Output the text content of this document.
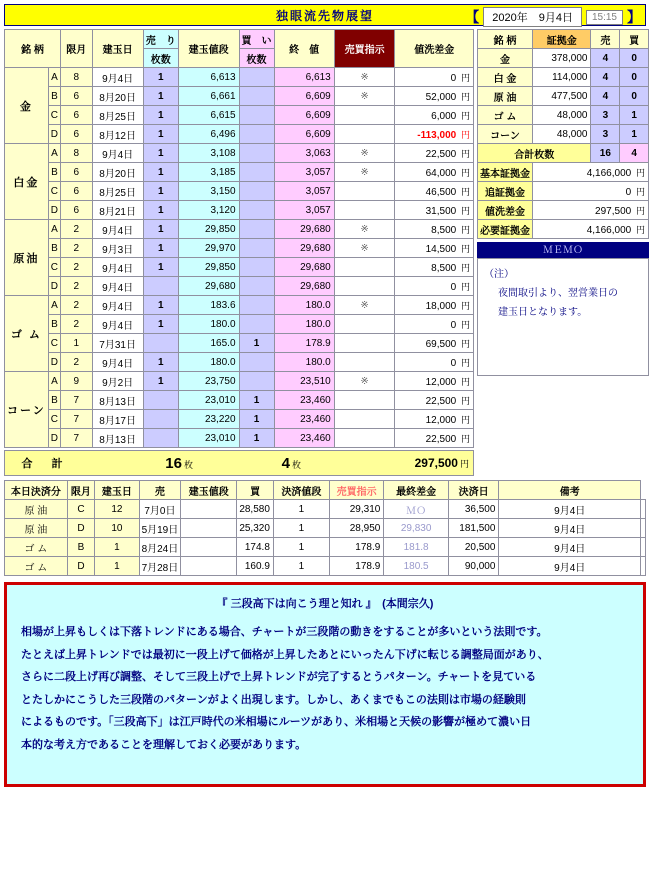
独眼流先物展望	【	2020年　9月4日	15:15 】
銘 柄		限月	建玉日	売　り	建玉値段	買　い	終　値	売買指示	値洗差金
				枚数		枚数			
金	A	8	9月4日	1	6,613		6,613	※	0 円
	B	6	8月20日	1	6,661		6,609	※	52,000 円
	C	6	8月25日	1	6,615		6,609		6,000 円
	D	6	8月12日	1	6,496		6,609		-113,000 円
白金	A	8	9月4日	1	3,108		3,063	※	22,500 円
	B	6	8月20日	1	3,185		3,057	※	64,000 円
	C	6	8月25日	1	3,150		3,057		46,500 円
	D	6	8月21日	1	3,120		3,057		31,500 円
原油	A	2	9月4日	1	29,850		29,680	※	8,500 円
	B	2	9月3日	1	29,970		29,680	※	14,500 円
	C	2	9月4日	1	29,850		29,680		8,500 円
	D	2	9月4日		29,680		29,680		0 円
ゴ ム	A	2	9月4日	1	183.6		180.0	※	18,000 円
	B	2	9月4日	1	180.0		180.0		0 円
	C	1	7月31日		165.0	1	178.9		69,500 円
	D	2	9月4日	1	180.0		180.0		0 円
コーン	A	9	9月2日	1	23,750		23,510	※	12,000 円
	B	7	8月13日		23,010	1	23,460		22,500 円
	C	7	8月17日		23,220	1	23,460		12,000 円
	D	7	8月13日		23,010	1	23,460		22,500 円
合　計	16 枚	4 枚	297,500 円
銘 柄	証拠金	売	買
金	378,000	4	0
白 金	114,000	4	0
原 油	477,500	4	0
ゴ ム	48,000	3	1
コーン	48,000	3	1
合計枚数		16	4
基本証拠金	4,166,000 円		
追証拠金	0 円		
値洗差金	297,500 円		
必要証拠金	4,166,000 円		
ＭＥＭＯ
（注）
夜間取引より、翌営業日の
建玉日となります。
本日決済分	限月	建玉日	売	建玉値段	買	決済値段	売買指示	最終差金	決済日	備考	
原 油	C	12	7月0日		28,580	1	29,310	ＭＯ	36,500	9月4日	
原 油	D	10	5月19日		25,320	1	28,950	29,830	181,500	9月4日	
ゴ ム	B	1	8月24日		174.8	1	178.9	181.8	20,500	9月4日	
ゴ ム	D	1	7月28日		160.9	1	178.9	180.5	90,000	9月4日	
『 三段高下は向こう理と知れ 』　(本間宗久)
相場が上昇もしくは下落トレンドにある場合、チャートが三段階の動きをすることが多いという法則です。
たとえば上昇トレンドでは最初に一段上げて価格が上昇したあとにいったん下げに転じる調整局面があり、
さらに二段上げ再び調整、そして三段上げで上昇トレンドが完了するとうパターン。チャートを見ている
とたしかにこうした三段階のパターンがよく出現します。しかし、あくまでもこの法則は市場の経験則
によるものです。「三段高下」は江戸時代の米相場にルーツがあり、米相場と天候の影響が極めて濃い日
本的な考え方であることを理解しておく必要があります。
